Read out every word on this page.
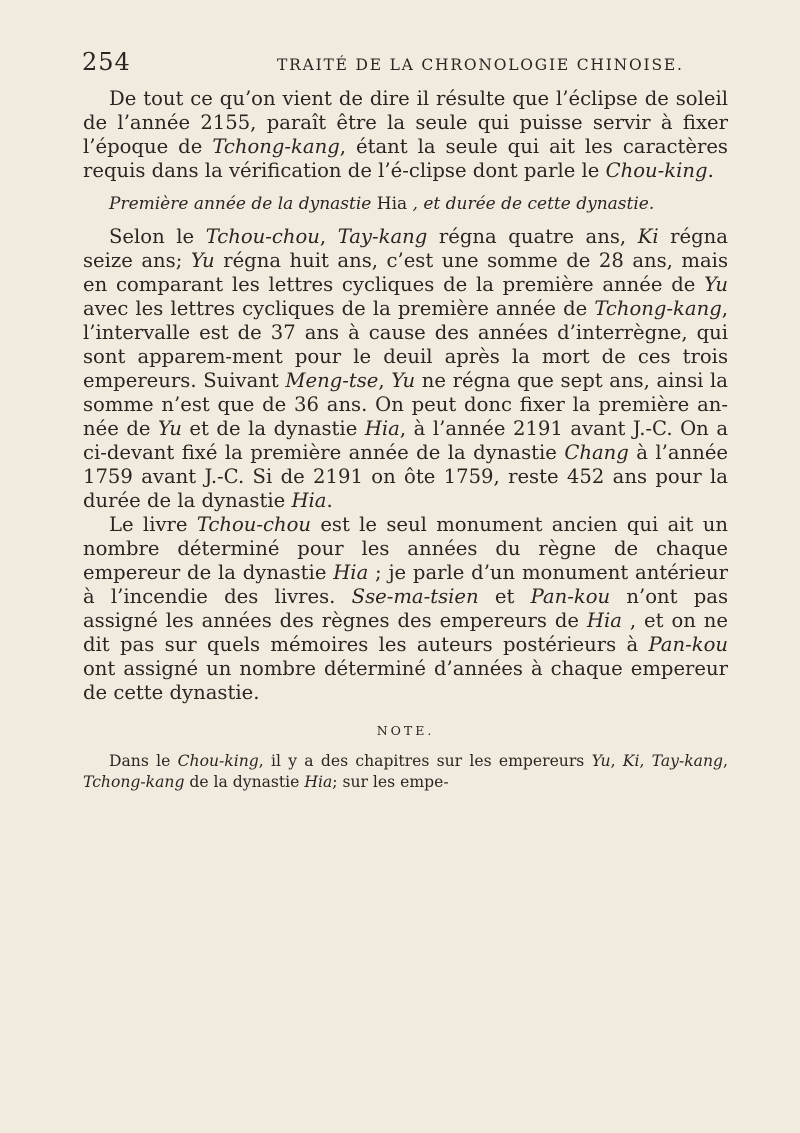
254	TRAITÉ DE LA CHRONOLOGIE CHINOISE.

De tout ce qu’on vient de dire il résulte que l’éclipse de soleil de l’année 2155, paraît être la seule qui puisse servir à fixer l’époque de Tchong-kang, étant la seule qui ait les caractères requis dans la vérification de l’é-clipse dont parle le Chou-king.

Première année de la dynastie Hia , et durée de cette dynastie.

Selon le Tchou-chou, Tay-kang régna quatre ans, Ki régna seize ans; Yu régna huit ans, c’est une somme de 28 ans, mais en comparant les lettres cycliques de la première année de Yu avec les lettres cycliques de la première année de Tchong-kang, l’intervalle est de 37 ans à cause des années d’interrègne, qui sont apparem-ment pour le deuil après la mort de ces trois empereurs. Suivant Meng-tse, Yu ne régna que sept ans, ainsi la somme n’est que de 36 ans. On peut donc fixer la première an-née de Yu et de la dynastie Hia, à l’année 2191 avant J.-C. On a ci-devant fixé la première année de la dynastie Chang à l’année 1759 avant J.-C. Si de 2191 on ôte 1759, reste 452 ans pour la durée de la dynastie Hia.

Le livre Tchou-chou est le seul monument ancien qui ait un nombre déterminé pour les années du règne de chaque empereur de la dynastie Hia ; je parle d’un monument antérieur à l’incendie des livres. Sse-ma-tsien et Pan-kou n’ont pas assigné les années des règnes des empereurs de Hia , et on ne dit pas sur quels mémoires les auteurs postérieurs à Pan-kou ont assigné un nombre déterminé d’années à chaque empereur de cette dynastie.

NOTE.

Dans le Chou-king, il y a des chapitres sur les empereurs Yu, Ki, Tay-kang, Tchong-kang de la dynastie Hia; sur les empe-
